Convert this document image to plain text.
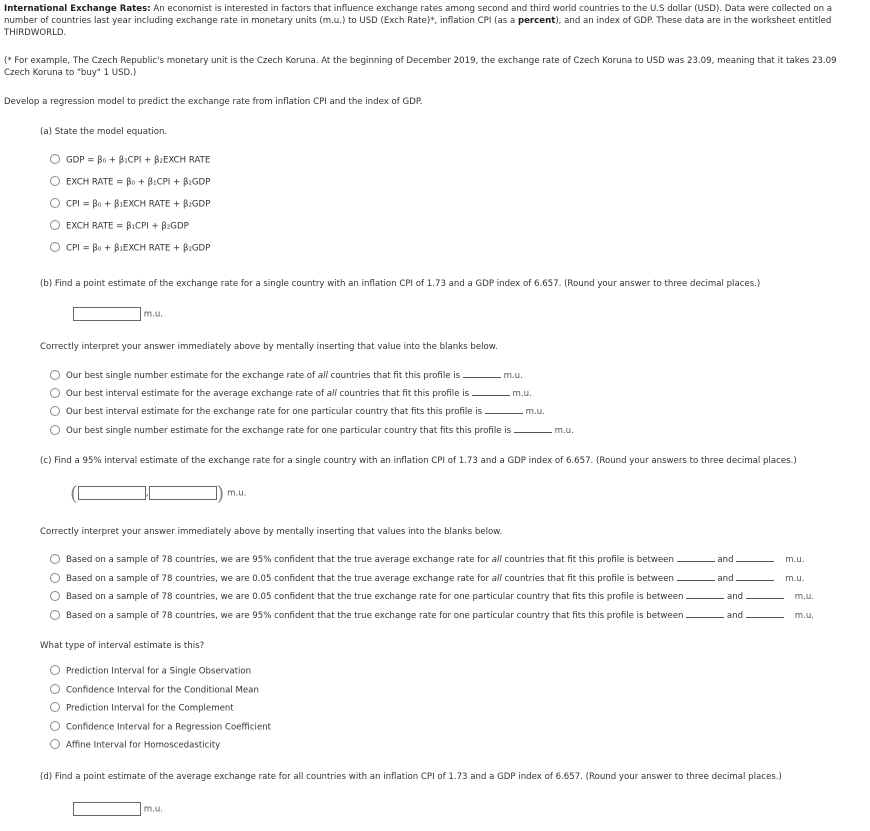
International Exchange Rates: An economist is interested in factors that influence exchange rates among second and third world countries to the U.S dollar (USD). Data were collected on a number of countries last year including exchange rate in monetary units (m.u.) to USD (Exch Rate)*, inflation CPI (as a percent), and an index of GDP. These data are in the worksheet entitled THIRDWORLD.
(* For example, The Czech Republic's monetary unit is the Czech Koruna. At the beginning of December 2019, the exchange rate of Czech Koruna to USD was 23.09, meaning that it takes 23.09 Czech Koruna to "buy" 1 USD.)
Develop a regression model to predict the exchange rate from inflation CPI and the index of GDP.
(a) State the model equation.
GDP = β₀ + β₁CPI + β₂EXCH RATE
EXCH RATE = β₀ + β₁CPI + β₂GDP
CPI = β₀ + β₁EXCH RATE + β₂GDP
EXCH RATE = β₁CPI + β₂GDP
CPI = β₀ + β₁EXCH RATE + β₂GDP
(b) Find a point estimate of the exchange rate for a single country with an inflation CPI of 1.73 and a GDP index of 6.657. (Round your answer to three decimal places.)
m.u.
Correctly interpret your answer immediately above by mentally inserting that value into the blanks below.
Our best single number estimate for the exchange rate of all countries that fit this profile is	m.u.
Our best interval estimate for the average exchange rate of all countries that fit this profile is	m.u.
Our best interval estimate for the exchange rate for one particular country that fits this profile is	m.u.
Our best single number estimate for the exchange rate for one particular country that fits this profile is	m.u.
(c) Find a 95% interval estimate of the exchange rate for a single country with an inflation CPI of 1.73 and a GDP index of 6.657. (Round your answers to three decimal places.)
(	,	) m.u.
Correctly interpret your answer immediately above by mentally inserting that values into the blanks below.
Based on a sample of 78 countries, we are 95% confident that the true average exchange rate for all countries that fit this profile is between	and	m.u.
Based on a sample of 78 countries, we are 0.05 confident that the true average exchange rate for all countries that fit this profile is between	and	m.u.
Based on a sample of 78 countries, we are 0.05 confident that the true exchange rate for one particular country that fits this profile is between	and	m.u.
Based on a sample of 78 countries, we are 95% confident that the true exchange rate for one particular country that fits this profile is between	and	m.u.
What type of interval estimate is this?
Prediction Interval for a Single Observation
Confidence Interval for the Conditional Mean
Prediction Interval for the Complement
Confidence Interval for a Regression Coefficient
Affine Interval for Homoscedasticity
(d) Find a point estimate of the average exchange rate for all countries with an inflation CPI of 1.73 and a GDP index of 6.657. (Round your answer to three decimal places.)
m.u.
